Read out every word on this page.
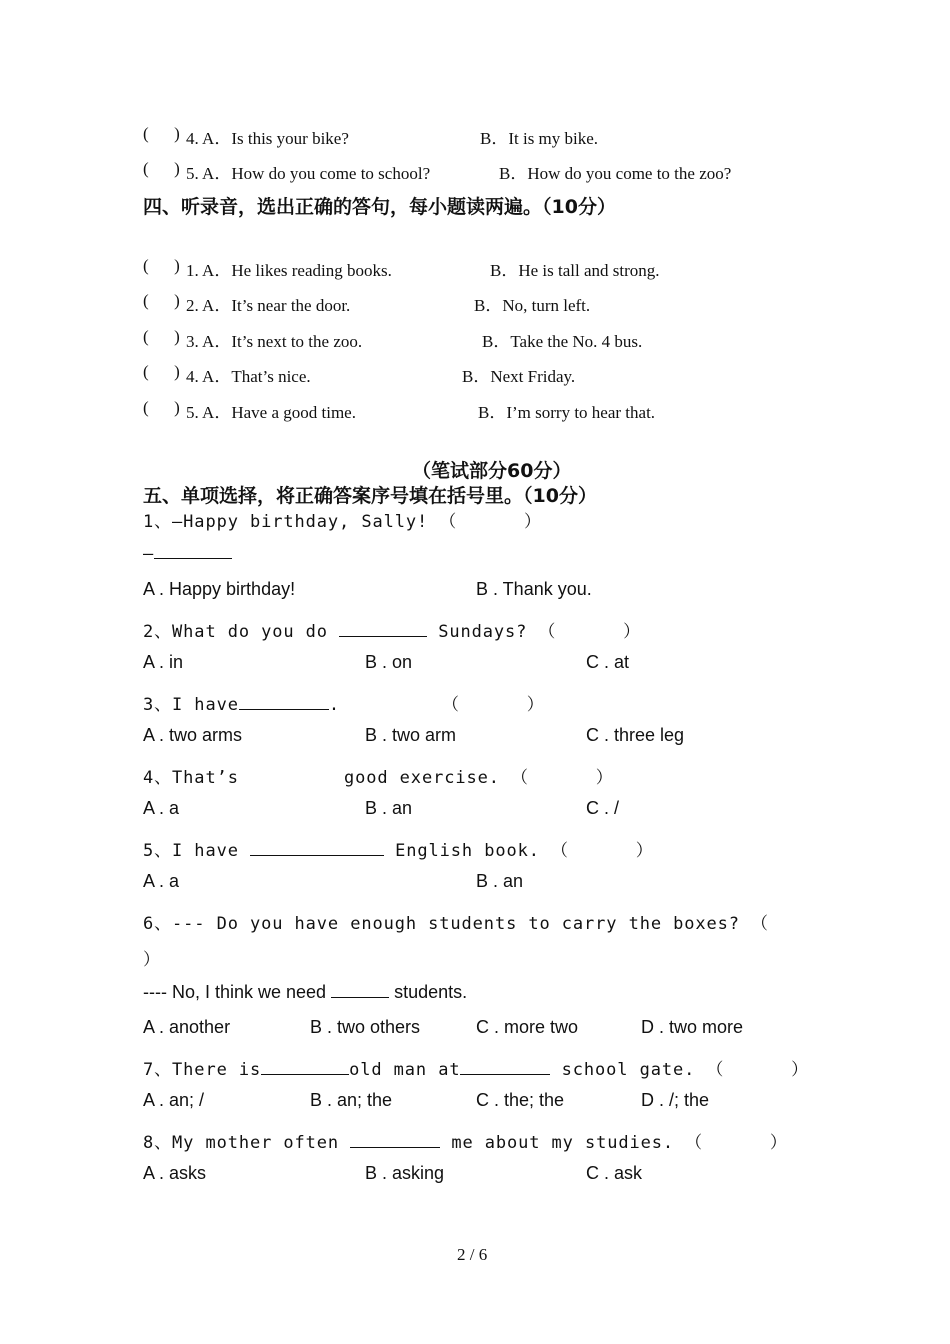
(      ) 4. A．Is this your bike?	B．It is my bike.
(      ) 5. A．How do you come to school?	B．How do you come to the zoo?
四、听录音，选出正确的答句，每小题读两遍。（10分）
(      ) 1. A．He likes reading books.	B．He is tall and strong.
(      ) 2. A．It’s near the door.	B．No, turn left.
(      ) 3. A．It’s next to the zoo.	B．Take the No. 4 bus.
(      ) 4. A．That’s nice.	B．Next Friday.
(      ) 5. A．Have a good time.	B．I’m sorry to hear that.
（笔试部分60分）
五、单项选择，将正确答案序号填在括号里。（10分）
1、—Happy birthday, Sally! （      ）
—
A . Happy birthday!	B . Thank you.
2、What do you do	Sundays? （      ）
A . in	B . on	C . at
3、I have	.	（      ）
A . two arms	B . two arm	C . three leg
4、That’s	good exercise. （      ）
A . a	B . an	C . /
5、I have	English book. （      ）
A . a	B . an
6、--- Do you have enough students to carry the boxes? （
）
---- No, I think we need	students.
A . another	B . two others	C . more two	D . two more
7、There is	old man at	school gate. （      ）
A . an; /	B . an; the	C . the; the	D . /; the
8、My mother often	me about my studies. （      ）
A . asks	B . asking	C . ask
2 / 6
